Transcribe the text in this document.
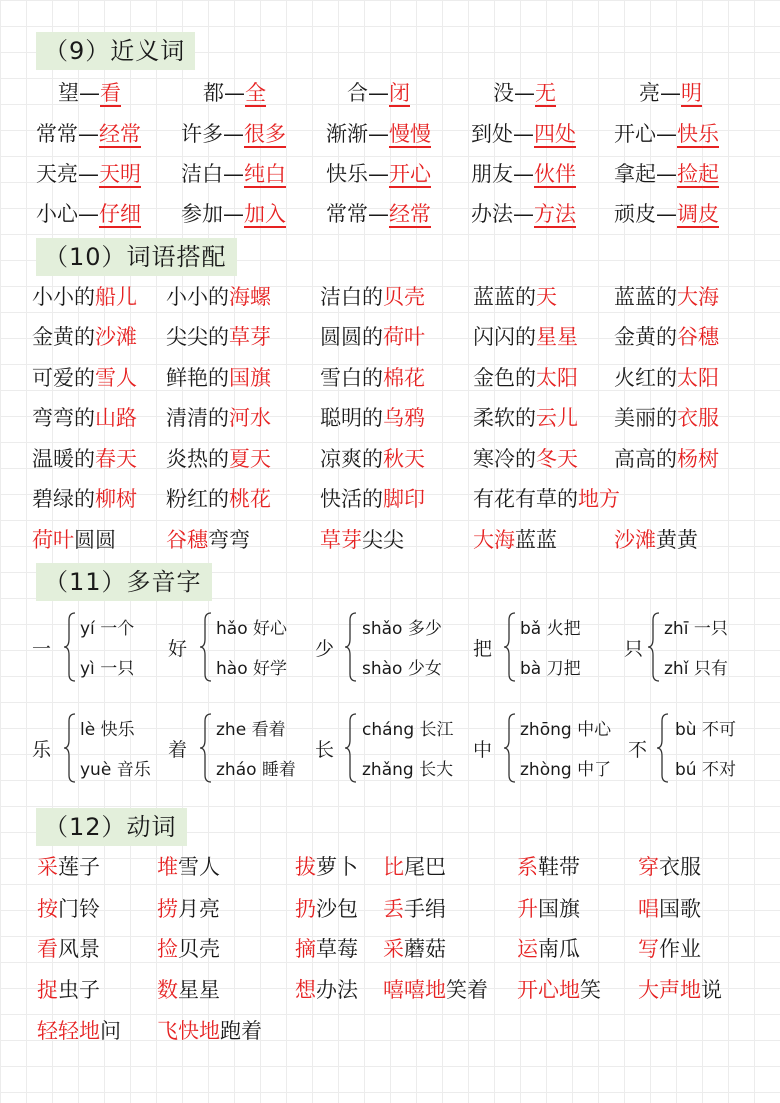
（9）近义词
望—看	都—全	合—闭	没—无	亮—明
常常—经常 许多—很多 渐渐—慢慢 到处—四处 开心—快乐
天亮—天明 洁白—纯白 快乐—开心 朋友—伙伴 拿起—捡起
小心—仔细 参加—加入 常常—经常 办法—方法 顽皮—调皮
（10）词语搭配
小小的船儿 小小的海螺 洁白的贝壳 蓝蓝的天	蓝蓝的大海
金黄的沙滩 尖尖的草芽 圆圆的荷叶 闪闪的星星 金黄的谷穗
可爱的雪人 鲜艳的国旗 雪白的棉花 金色的太阳 火红的太阳
弯弯的山路 清清的河水 聪明的乌鸦 柔软的云儿 美丽的衣服
温暖的春天 炎热的夏天 凉爽的秋天 寒冷的冬天 高高的杨树
碧绿的柳树 粉红的桃花 快活的脚印 有花有草的地方
荷叶圆圆 谷穗弯弯	草芽尖尖	大海蓝蓝	沙滩黄黄
（11）多音字
一
yí 一个
yì 一只
好
hǎo 好心
hào 好学
少
shǎo 多少
shào 少女
把
bǎ 火把
bà 刀把
只
zhī 一只
zhǐ 只有
乐
lè 快乐
yuè 音乐
着
zhe 看着
zháo 睡着
长
cháng 长江
zhǎng 长大
中
zhōng 中心
zhòng 中了
不
bù 不可
bú 不对
（12）动词
采莲子	堆雪人	拔萝卜 比尾巴	系鞋带	穿衣服
按门铃	捞月亮	扔沙包 丢手绢	升国旗	唱国歌
看风景	捡贝壳	摘草莓 采蘑菇	运南瓜	写作业
捉虫子	数星星	想办法 嘻嘻地笑着 开心地笑 大声地说
轻轻地问 飞快地跑着
